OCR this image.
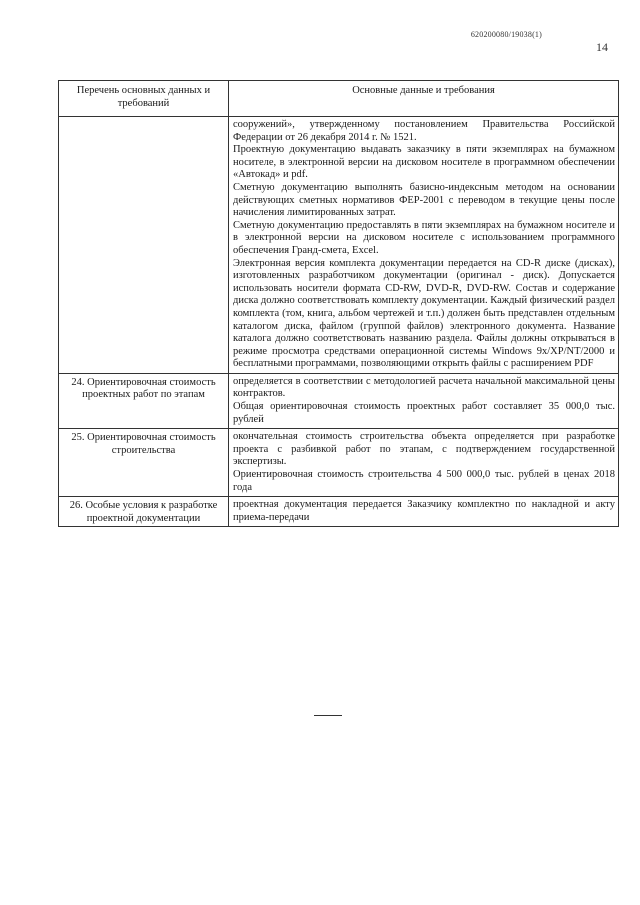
620200080/19038(1)
14
Перечень основных данных и требований	Основные данные и требования

	сооружений», утвержденному постановлением Правительства Российской Федерации от 26 декабря 2014 г. № 1521.

Проектную документацию выдавать заказчику в пяти экземплярах на бумажном носителе, в электронной версии на дисковом носителе в программном обеспечении «Автокад» и pdf.

Сметную документацию выполнять базисно-индексным методом на основании действующих сметных нормативов ФЕР-2001 с переводом в текущие цены после начисления лимитированных затрат.

Сметную документацию предоставлять в пяти экземплярах на бумажном носителе и в электронной версии на дисковом носителе с использованием программного обеспечения Гранд-смета, Excel.

Электронная версия комплекта документации передается на CD-R диске (дисках), изготовленных разработчиком документации (оригинал - диск). Допускается использовать носители формата CD-RW, DVD-R, DVD-RW. Состав и содержание диска должно соответствовать комплекту документации. Каждый физический раздел комплекта (том, книга, альбом чертежей и т.п.) должен быть представлен отдельным каталогом диска, файлом (группой файлов) электронного документа. Название каталога должно соответствовать названию раздела. Файлы должны открываться в режиме просмотра средствами операционной системы Windows 9x/XP/NT/2000 и бесплатными программами, позволяющими открыть файлы с расширением PDF

24. Ориентировочная стоимость проектных работ по этапам	определяется в соответствии с методологией расчета начальной максимальной цены контрактов.

Общая ориентировочная стоимость проектных работ составляет 35 000,0 тыс. рублей

25. Ориентировочная стоимость строительства	окончательная стоимость строительства объекта определяется при разработке проекта с разбивкой работ по этапам, с подтверждением государственной экспертизы.

Ориентировочная стоимость строительства 4 500 000,0 тыс. рублей в ценах 2018 года

26. Особые условия к разработке проектной документации	проектная документация передается Заказчику комплектно по накладной и акту приема-передачи
